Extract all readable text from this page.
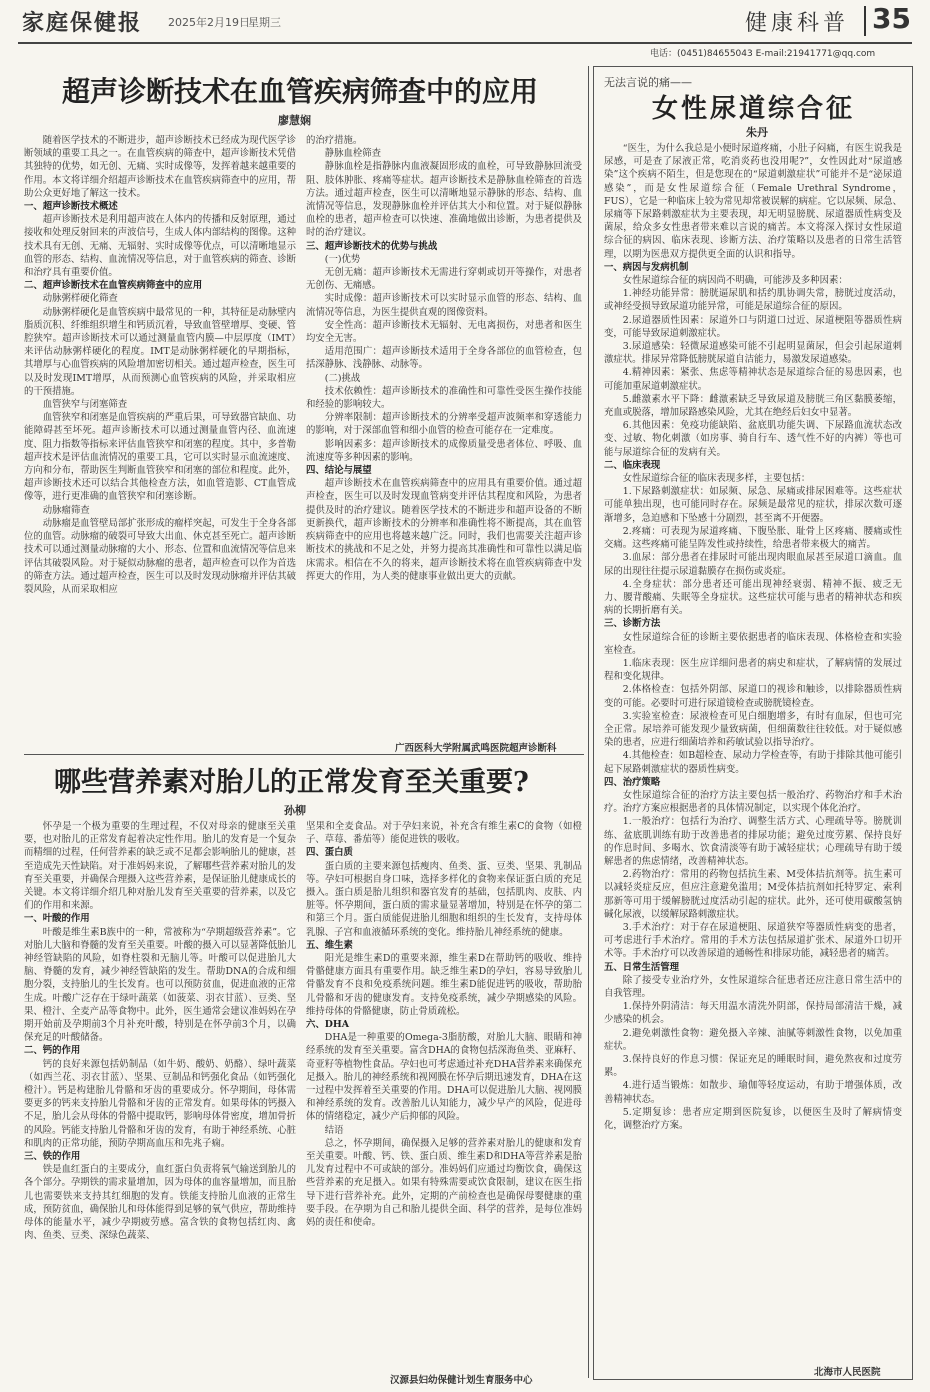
家庭保健报 2025年2月19日
星期三	健康科普 35
电话：(0451)84655043 E-mail:21941771@qq.com
超声诊断技术在血管疾病筛查中的应用
廖慧娴

随着医学技术的不断进步，超声诊断技术已经成为现代医学诊断领域的重要工具之一。在血管疾病的筛查中，超声诊断技术凭借其独特的优势，如无创、无痛、实时成像等，发挥着越来越重要的作用。本文将详细介绍超声诊断技术在血管疾病筛查中的应用，帮助公众更好地了解这一技术。

一、超声诊断技术概述

超声诊断技术是利用超声波在人体内的传播和反射原理，通过接收和处理反射回来的声波信号，生成人体内部结构的图像。这种技术具有无创、无痛、无辐射、实时成像等优点，可以清晰地显示血管的形态、结构、血流情况等信息，对于血管疾病的筛查、诊断和治疗具有重要价值。

二、超声诊断技术在血管疾病筛查中的应用

动脉粥样硬化筛查

动脉粥样硬化是血管疾病中最常见的一种，其特征是动脉壁内脂质沉积、纤维组织增生和钙质沉着，导致血管壁增厚、变硬、管腔狭窄。超声诊断技术可以通过测量血管内膜—中层厚度（IMT）来评估动脉粥样硬化的程度。IMT是动脉粥样硬化的早期指标，其增厚与心血管疾病的风险增加密切相关。通过超声检查，医生可以及时发现IMT增厚，从而预测心血管疾病的风险，并采取相应的干预措施。

血管狭窄与闭塞筛查

血管狭窄和闭塞是血管疾病的严重后果，可导致器官缺血、功能障碍甚至坏死。超声诊断技术可以通过测量血管内径、血流速度、阻力指数等指标来评估血管狭窄和闭塞的程度。其中，多普勒超声技术是评估血流情况的重要工具，它可以实时显示血流速度、方向和分布，帮助医生判断血管狭窄和闭塞的部位和程度。此外，超声诊断技术还可以结合其他检查方法，如血管造影、CT血管成像等，进行更准确的血管狭窄和闭塞诊断。

动脉瘤筛查

动脉瘤是血管壁局部扩张形成的瘤样突起，可发生于全身各部位的血管。动脉瘤的破裂可导致大出血、休克甚至死亡。超声诊断技术可以通过测量动脉瘤的大小、形态、位置和血流情况等信息来评估其破裂风险。对于疑似动脉瘤的患者，超声检查可以作为首选的筛查方法。通过超声检查，医生可以及时发现动脉瘤并评估其破裂风险，从而采取相应

的治疗措施。

静脉血栓筛查

静脉血栓是指静脉内血液凝固形成的血栓，可导致静脉回流受阻、肢体肿胀、疼痛等症状。超声诊断技术是静脉血栓筛查的首选方法。通过超声检查，医生可以清晰地显示静脉的形态、结构、血流情况等信息，发现静脉血栓并评估其大小和位置。对于疑似静脉血栓的患者，超声检查可以快速、准确地做出诊断，为患者提供及时的治疗建议。

三、超声诊断技术的优势与挑战

(一)优势

无创无痛：超声诊断技术无需进行穿刺或切开等操作，对患者无创伤、无痛感。

实时成像：超声诊断技术可以实时显示血管的形态、结构、血流情况等信息，为医生提供直观的图像资料。

安全性高：超声诊断技术无辐射、无电离损伤，对患者和医生均安全无害。

适用范围广：超声诊断技术适用于全身各部位的血管检查，包括深静脉、浅静脉、动脉等。

(二)挑战

技术依赖性：超声诊断技术的准确性和可靠性受医生操作技能和经验的影响较大。

分辨率限制：超声诊断技术的分辨率受超声波频率和穿透能力的影响，对于深部血管和细小血管的检查可能存在一定难度。

影响因素多：超声诊断技术的成像质量受患者体位、呼吸、血流速度等多种因素的影响。

四、结论与展望

超声诊断技术在血管疾病筛查中的应用具有重要价值。通过超声检查，医生可以及时发现血管病变并评估其程度和风险，为患者提供及时的治疗建议。随着医学技术的不断进步和超声设备的不断更新换代，超声诊断技术的分辨率和准确性将不断提高，其在血管疾病筛查中的应用也将越来越广泛。同时，我们也需要关注超声诊断技术的挑战和不足之处，并努力提高其准确性和可靠性以满足临床需求。相信在不久的将来，超声诊断技术将在血管疾病筛查中发挥更大的作用，为人类的健康事业做出更大的贡献。

广西医科大学附属武鸣医院超声诊断科
哪些营养素对胎儿的正常发育至关重要?
孙柳

怀孕是一个极为重要的生理过程，不仅对母亲的健康至关重要，也对胎儿的正常发育起着决定性作用。胎儿的发育是一个复杂而精细的过程，任何营养素的缺乏或不足都会影响胎儿的健康，甚至造成先天性缺陷。对于准妈妈来说，了解哪些营养素对胎儿的发育至关重要，并确保合理摄入这些营养素，是保证胎儿健康成长的关键。本文将详细介绍几种对胎儿发育至关重要的营养素，以及它们的作用和来源。

一、叶酸的作用

叶酸是维生素B族中的一种，常被称为“孕期超级营养素”。它对胎儿大脑和脊髓的发育至关重要。叶酸的摄入可以显著降低胎儿神经管缺陷的风险，如脊柱裂和无脑儿等。叶酸可以促进胎儿大脑、脊髓的发育，减少神经管缺陷的发生。帮助DNA的合成和细胞分裂，支持胎儿的生长发育。也可以预防贫血，促进血液的正常生成。叶酸广泛存在于绿叶蔬菜（如菠菜、羽衣甘蓝）、豆类、坚果、橙汁、全麦产品等食物中。此外，医生通常会建议准妈妈在孕期开始前及孕期前3个月补充叶酸，特别是在怀孕前3个月，以确保充足的叶酸储备。

二、钙的作用

钙的良好来源包括奶制品（如牛奶、酸奶、奶酪）、绿叶蔬菜（如西兰花、羽衣甘蓝）、坚果、豆制品和钙强化食品（如钙强化橙汁）。钙是构建胎儿骨骼和牙齿的重要成分。怀孕期间，母体需要更多的钙来支持胎儿骨骼和牙齿的正常发育。如果母体的钙摄入不足，胎儿会从母体的骨骼中提取钙，影响母体骨密度，增加骨折的风险。钙能支持胎儿骨骼和牙齿的发育，有助于神经系统、心脏和肌肉的正常功能，预防孕期高血压和先兆子痫。

三、铁的作用

铁是血红蛋白的主要成分，血红蛋白负责将氧气输送到胎儿的各个部分。孕期铁的需求量增加，因为母体的血容量增加，而且胎儿也需要铁来支持其红细胞的发育。铁能支持胎儿血液的正常生成，预防贫血，确保胎儿和母体能得到足够的氧气供应，帮助维持母体的能量水平，减少孕期疲劳感。富含铁的食物包括红肉、禽肉、鱼类、豆类、深绿色蔬菜、

坚果和全麦食品。对于孕妇来说，补充含有维生素C的食物（如橙子、草莓、番茄等）能促进铁的吸收。

四、蛋白质

蛋白质的主要来源包括瘦肉、鱼类、蛋、豆类、坚果、乳制品等。孕妇可根据自身口味，选择多样化的食物来保证蛋白质的充足摄入。蛋白质是胎儿组织和器官发育的基础，包括肌肉、皮肤、内脏等。怀孕期间，蛋白质的需求量显著增加，特别是在怀孕的第二和第三个月。蛋白质能促进胎儿细胞和组织的生长发育，支持母体乳腺、子宫和血液循环系统的变化。维持胎儿神经系统的健康。

五、维生素

阳光是维生素D的重要来源，维生素D在帮助钙的吸收、维持骨骼健康方面具有重要作用。缺乏维生素D的孕妇，容易导致胎儿骨骼发育不良和免疫系统问题。维生素D能促进钙的吸收，帮助胎儿骨骼和牙齿的健康发育。支持免疫系统，减少孕期感染的风险。维持母体的骨骼健康，防止骨质疏松。

六、DHA

DHA是一种重要的Omega-3脂肪酸，对胎儿大脑、眼睛和神经系统的发育至关重要。富含DHA的食物包括深海鱼类、亚麻籽、奇亚籽等植物性食品。孕妇也可考虑通过补充DHA营养素来确保充足摄入。胎儿的神经系统和视网膜在怀孕后期迅速发育，DHA在这一过程中发挥着至关重要的作用。DHA可以促进胎儿大脑、视网膜和神经系统的发育。改善胎儿认知能力，减少早产的风险，促进母体的情绪稳定，减少产后抑郁的风险。

结语

总之，怀孕期间，确保摄入足够的营养素对胎儿的健康和发育至关重要。叶酸、钙、铁、蛋白质、维生素D和DHA等营养素是胎儿发育过程中不可或缺的部分。准妈妈们应通过均衡饮食，确保这些营养素的充足摄入。如果有特殊需要或饮食限制，建议在医生指导下进行营养补充。此外，定期的产前检查也是确保母婴健康的重要手段。在孕期为自己和胎儿提供全面、科学的营养，是每位准妈妈的责任和使命。

汉源县妇幼保健计划生育服务中心
无法言说的痛——
女性尿道综合征
朱丹

“医生，为什么我总是小便时尿道疼痛，小肚子闷痛，有医生说我是尿感，可是查了尿液正常，吃消炎药也没用呢?”，女性因此对“尿道感染”这个疾病不陌生，但是您现在的“尿道刺激症状”可能并不是“泌尿道感染”，而是女性尿道综合征（Female Urethral Syndrome，FUS），它是一种临床上较为常见却常被误解的病症。它以尿频、尿急、尿痛等下尿路刺激症状为主要表现，却无明显膀胱、尿道器质性病变及菌尿，给众多女性患者带来难以言说的痛苦。本文将深入探讨女性尿道综合征的病因、临床表现、诊断方法、治疗策略以及患者的日常生活管理，以期为医患双方提供更全面的认识和指导。

一、病因与发病机制

女性尿道综合征的病因尚不明确，可能涉及多种因素：

1.神经功能异常：膀胱逼尿肌和括约肌协调失常，膀胱过度活动，或神经受损导致尿道功能异常，可能是尿道综合征的原因。

2.尿道器质性因素：尿道外口与阴道口过近、尿道梗阻等器质性病变，可能导致尿道刺激症状。

3.尿道感染：轻微尿道感染可能不引起明显菌尿，但会引起尿道刺激症状。排尿异常降低膀胱尿道自洁能力，易激发尿道感染。

4.精神因素：紧张、焦虑等精神状态是尿道综合征的易患因素，也可能加重尿道刺激症状。

5.雌激素水平下降：雌激素缺乏导致尿道及膀胱三角区黏膜萎缩，充血或脱落，增加尿路感染风险，尤其在绝经后妇女中显著。

6.其他因素：免疫功能缺陷、盆底肌功能失调、下尿路血流状态改变、过敏、物化刺激（如房事、骑自行车、透气性不好的内裤）等也可能与尿道综合征的发病有关。

二、临床表现

女性尿道综合征的临床表现多样，主要包括：

1.下尿路刺激症状：如尿频、尿急、尿痛或排尿困难等。这些症状可能单独出现，也可能同时存在。尿频是最常见的症状，排尿次数可逐渐增多，急迫感和下坠感十分剧烈，甚至离不开便器。

2.疼痛：可表现为尿道疼痛、下腹坠胀、耻骨上区疼痛、腰痛或性交痛。这些疼痛可能呈阵发性或持续性，给患者带来极大的痛苦。

3.血尿：部分患者在排尿时可能出现肉眼血尿甚至尿道口滴血。血尿的出现往往提示尿道黏膜存在损伤或炎症。

4.全身症状：部分患者还可能出现神经衰弱、精神不振、疲乏无力、腰背酸痛、失眠等全身症状。这些症状可能与患者的精神状态和疾病的长期折磨有关。

三、诊断方法

女性尿道综合征的诊断主要依据患者的临床表现、体格检查和实验室检查。

1.临床表现：医生应详细问患者的病史和症状，了解病情的发展过程和变化规律。

2.体格检查：包括外阴部、尿道口的视诊和触诊，以排除器质性病变的可能。必要时可进行尿道镜检查或膀胱镜检查。

3.实验室检查：尿液检查可见白细胞增多，有时有血尿，但也可完全正常。尿培养可能发现少量致病菌，但细菌数往往较低。对于疑似感染的患者，应进行细菌培养和药敏试验以指导治疗。

4.其他检查：如B超检查、尿动力学检查等，有助于排除其他可能引起下尿路刺激症状的器质性病变。

四、治疗策略

女性尿道综合征的治疗方法主要包括一般治疗、药物治疗和手术治疗。治疗方案应根据患者的具体情况制定，以实现个体化治疗。

1.一般治疗：包括行为治疗、调整生活方式、心理疏导等。膀胱训练、盆底肌训练有助于改善患者的排尿功能；避免过度劳累、保持良好的作息时间、多喝水、饮食清淡等有助于减轻症状；心理疏导有助于缓解患者的焦虑情绪，改善精神状态。

2.药物治疗：常用的药物包括抗生素、M受体拮抗剂等。抗生素可以减轻炎症反应，但应注意避免滥用；M受体拮抗剂如托特罗定、索利那新等可用于缓解膀胱过度活动引起的症状。此外，还可使用碳酸氢钠碱化尿液，以缓解尿路刺激症状。

3.手术治疗：对于存在尿道梗阻、尿道狭窄等器质性病变的患者，可考虑进行手术治疗。常用的手术方法包括尿道扩张术、尿道外口切开术等。手术治疗可以改善尿道的通畅性和排尿功能，减轻患者的痛苦。

五、日常生活管理

除了接受专业治疗外，女性尿道综合征患者还应注意日常生活中的自我管理。

1.保持外阴清洁：每天用温水清洗外阴部，保持局部清洁干燥，减少感染的机会。

2.避免刺激性食物：避免摄入辛辣、油腻等刺激性食物，以免加重症状。

3.保持良好的作息习惯：保证充足的睡眠时间，避免熬夜和过度劳累。

4.进行适当锻炼：如散步、瑜伽等轻度运动，有助于增强体质，改善精神状态。

5.定期复诊：患者应定期到医院复诊，以便医生及时了解病情变化，调整治疗方案。

北海市人民医院
